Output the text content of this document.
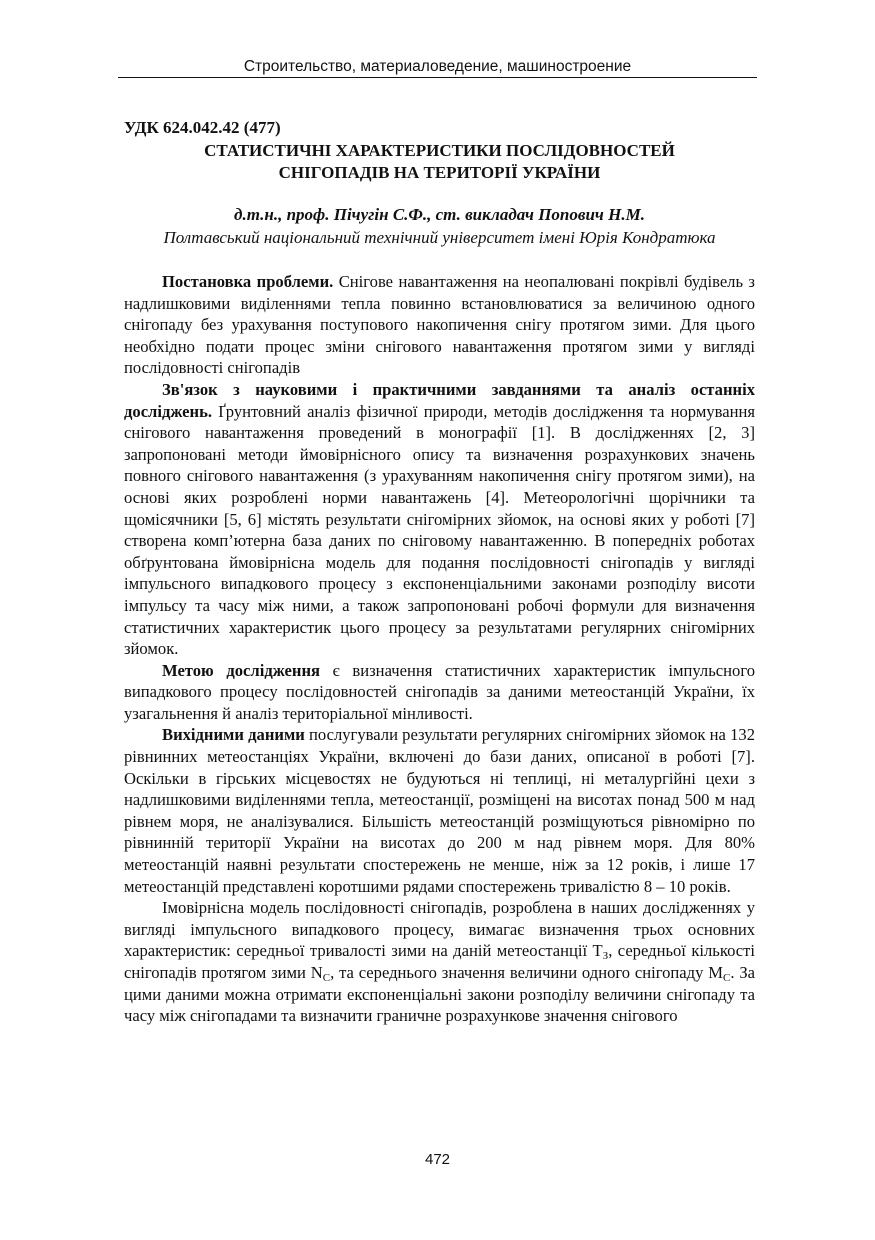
Строительство, материаловедение, машиностроение
УДК 624.042.42 (477)
СТАТИСТИЧНІ ХАРАКТЕРИСТИКИ ПОСЛІДОВНОСТЕЙ
СНІГОПАДІВ НА ТЕРИТОРІЇ УКРАЇНИ
д.т.н., проф. Пічугін С.Ф., ст. викладач Попович Н.М.
Полтавський національний технічний університет імені Юрія Кондратюка

Постановка проблеми. Снігове навантаження на неопалювані покрівлі будівель з надлишковими виділеннями тепла повинно встановлюватися за величиною одного снігопаду без урахування поступового накопичення снігу протягом зими. Для цього необхідно подати процес зміни снігового навантаження протягом зими у вигляді послідовності снігопадів

Зв'язок з науковими і практичними завданнями та аналіз останніх досліджень. Ґрунтовний аналіз фізичної природи, методів дослідження та нормування снігового навантаження проведений в монографії [1]. В дослідженнях [2, 3] запропоновані методи ймовірнісного опису та визначення розрахункових значень повного снігового навантаження (з урахуванням накопичення снігу протягом зими), на основі яких розроблені норми навантажень [4]. Метеорологічні щорічники та щомісячники [5, 6] містять результати снігомірних зйомок, на основі яких у роботі [7] створена комп’ютерна база даних по сніговому навантаженню. В попередніх роботах обґрунтована ймовірнісна модель для подання послідовності снігопадів у вигляді імпульсного випадкового процесу з експоненціальними законами розподілу висоти імпульсу та часу між ними, а також запропоновані робочі формули для визначення статистичних характеристик цього процесу за результатами регулярних снігомірних зйомок.

Метою дослідження є визначення статистичних характеристик імпульсного випадкового процесу послідовностей снігопадів за даними метеостанцій України, їх узагальнення й аналіз територіальної мінливості.

Вихідними даними послугували результати регулярних снігомірних зйомок на 132 рівнинних метеостанціях України, включені до бази даних, описаної в роботі [7]. Оскільки в гірських місцевостях не будуються ні теплиці, ні металургійні цехи з надлишковими виділеннями тепла, метеостанції, розміщені на висотах понад 500 м над рівнем моря, не аналізувалися. Більшість метеостанцій розміщуються рівномірно по рівнинній території України на висотах до 200 м над рівнем моря. Для 80% метеостанцій наявні результати спостережень не менше, ніж за 12 років, і лише 17 метеостанцій представлені коротшими рядами спостережень тривалістю 8 – 10 років.

Імовірнісна модель послідовності снігопадів, розроблена в наших дослідженнях у вигляді імпульсного випадкового процесу, вимагає визначення трьох основних характеристик: середньої тривалості зими на даній метеостанції $T_З$, середньої кількості снігопадів протягом зими $N_C$, та середнього значення величини одного снігопаду $M_C$. За цими даними можна отримати експоненціальні закони розподілу величини снігопаду та часу між снігопадами та визначити граничне розрахункове значення снігового

472
